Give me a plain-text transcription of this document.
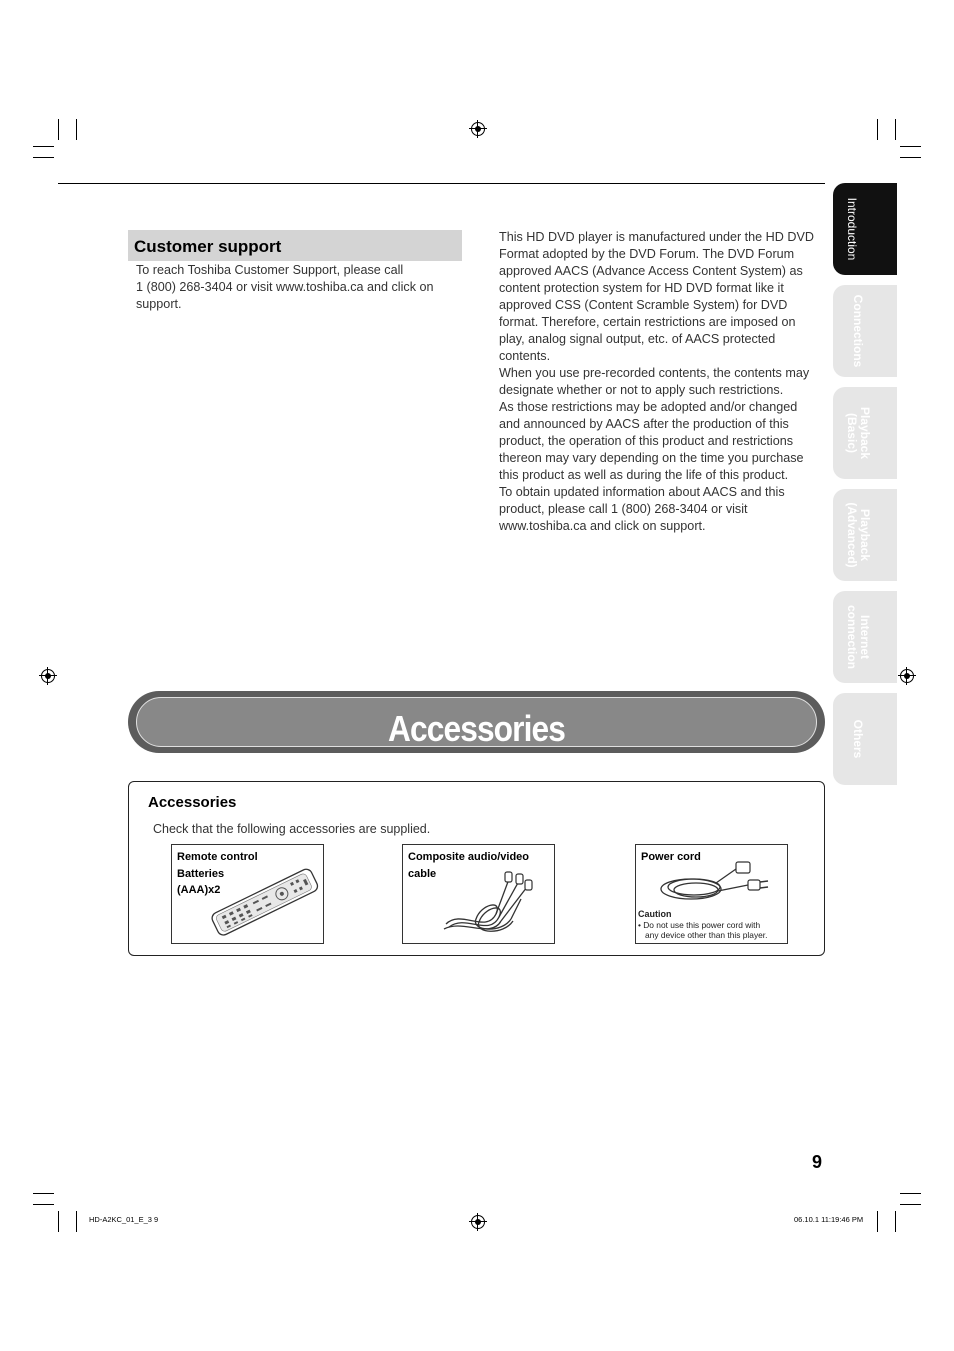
Customer support
To reach Toshiba Customer Support, please call
1 (800) 268-3404 or visit www.toshiba.ca and click on
support.

This HD DVD player is manufactured under the HD DVD Format adopted by the DVD Forum. The DVD Forum approved AACS (Advance Access Content System) as content protection system for HD DVD format like it approved CSS (Content Scramble System) for DVD format. Therefore, certain restrictions are imposed on play, analog signal output, etc. of AACS protected contents.

When you use pre-recorded contents, the contents may designate whether or not to apply such restrictions.

As those restrictions may be adopted and/or changed and announced by AACS after the production of this product, the operation of this product and restrictions thereon may vary depending on the time you purchase this product as well as during the life of this product.

To obtain updated information about AACS and this product, please call 1 (800) 268-3404 or visit www.toshiba.ca and click on support.

Introduction
Connections
Playback (Basic)
Playback (Advanced)
Internet connection
Others
Accessories
Accessories
Check that the following accessories are supplied.
Remote control
Batteries
(AAA)x2
Composite audio/video
cable
Power cord
Caution
• Do not use this power cord with
any device other than this player.
9
HD-A2KC_01_E_3 9	06.10.1 11:19:46 PM
